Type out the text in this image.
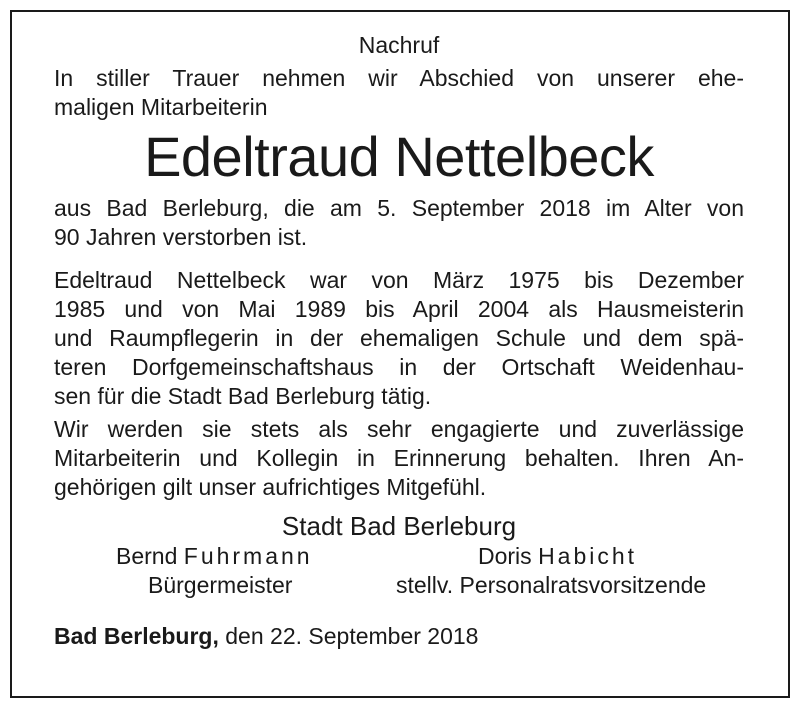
Nachruf
In stiller Trauer nehmen wir Abschied von unserer ehe-
maligen Mitarbeiterin
Edeltraud Nettelbeck
aus Bad Berleburg, die am 5. September 2018 im Alter von
90 Jahren verstorben ist.
Edeltraud Nettelbeck war von März 1975 bis Dezember
1985 und von Mai 1989 bis April 2004 als Hausmeisterin
und Raumpflegerin in der ehemaligen Schule und dem spä-
teren Dorfgemeinschaftshaus in der Ortschaft Weidenhau-
sen für die Stadt Bad Berleburg tätig.
Wir werden sie stets als sehr engagierte und zuverlässige
Mitarbeiterin und Kollegin in Erinnerung behalten. Ihren An-
gehörigen gilt unser aufrichtiges Mitgefühl.
Stadt Bad Berleburg
Bernd Fuhrmann	Doris Habicht
Bürgermeister	stellv. Personalratsvorsitzende
Bad Berleburg, den 22. September 2018
